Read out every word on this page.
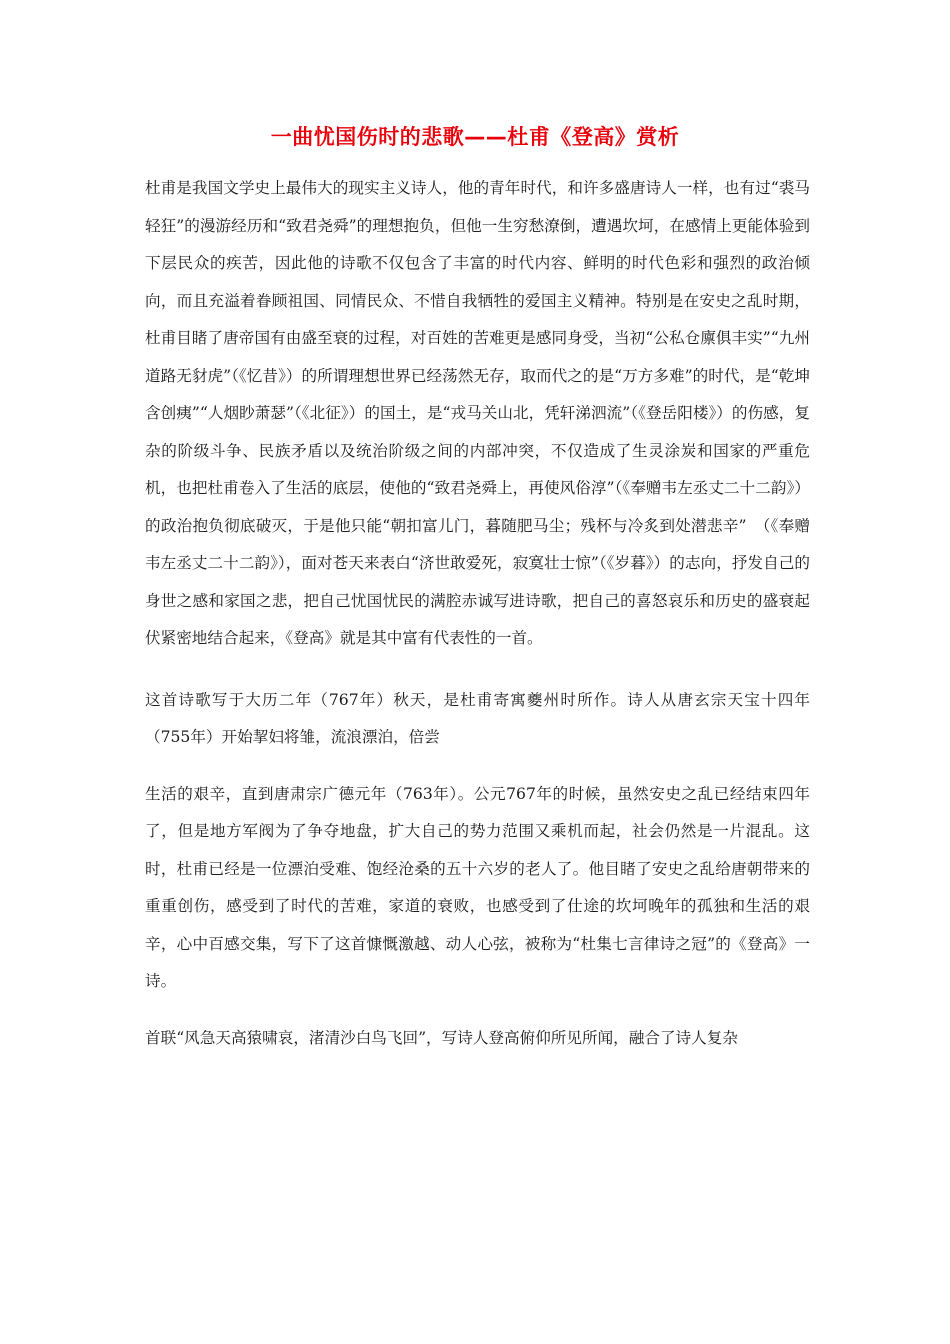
一曲忧国伤时的悲歌——杜甫《登高》赏析

杜甫是我国文学史上最伟大的现实主义诗人，他的青年时代，和许多盛唐诗人一样，也有过“裘马轻狂”的漫游经历和“致君尧舜”的理想抱负，但他一生穷愁潦倒，遭遇坎坷，在感情上更能体验到下层民众的疾苦，因此他的诗歌不仅包含了丰富的时代内容、鲜明的时代色彩和强烈的政治倾向，而且充溢着眷顾祖国、同情民众、不惜自我牺牲的爱国主义精神。特别是在安史之乱时期，杜甫目睹了唐帝国有由盛至衰的过程，对百姓的苦难更是感同身受，当初“公私仓廪俱丰实”“九州道路无豺虎”（《忆昔》）的所谓理想世界已经荡然无存，取而代之的是“万方多难”的时代，是“乾坤含创痍”“人烟眇萧瑟”（《北征》）的国土，是“戎马关山北，凭轩涕泗流”（《登岳阳楼》）的伤感，复杂的阶级斗争、民族矛盾以及统治阶级之间的内部冲突，不仅造成了生灵涂炭和国家的严重危机，也把杜甫卷入了生活的底层，使他的“致君尧舜上，再使风俗淳”（《奉赠韦左丞丈二十二韵》）的政治抱负彻底破灭，于是他只能“朝扣富儿门，暮随肥马尘；残杯与冷炙到处潜悲辛”　（《奉赠韦左丞丈二十二韵》），面对苍天来表白“济世敢爱死，寂寞壮士惊”（《岁暮》）的志向，抒发自己的身世之感和家国之悲，把自己忧国忧民的满腔赤诚写进诗歌，把自己的喜怒哀乐和历史的盛衰起伏紧密地结合起来，《登高》就是其中富有代表性的一首。

这首诗歌写于大历二年（767年）秋天，是杜甫寄寓夔州时所作。诗人从唐玄宗天宝十四年（755年）开始挈妇将雏，流浪漂泊，倍尝

生活的艰辛，直到唐肃宗广德元年（763年）。公元767年的时候，虽然安史之乱已经结束四年了，但是地方军阀为了争夺地盘，扩大自己的势力范围又乘机而起，社会仍然是一片混乱。这时，杜甫已经是一位漂泊受难、饱经沧桑的五十六岁的老人了。他目睹了安史之乱给唐朝带来的重重创伤，感受到了时代的苦难，家道的衰败，也感受到了仕途的坎坷晚年的孤独和生活的艰辛，心中百感交集，写下了这首慷慨激越、动人心弦，被称为“杜集七言律诗之冠”的《登高》一诗。

首联“风急天高猿啸哀，渚清沙白鸟飞回”，写诗人登高俯仰所见所闻，融合了诗人复杂
